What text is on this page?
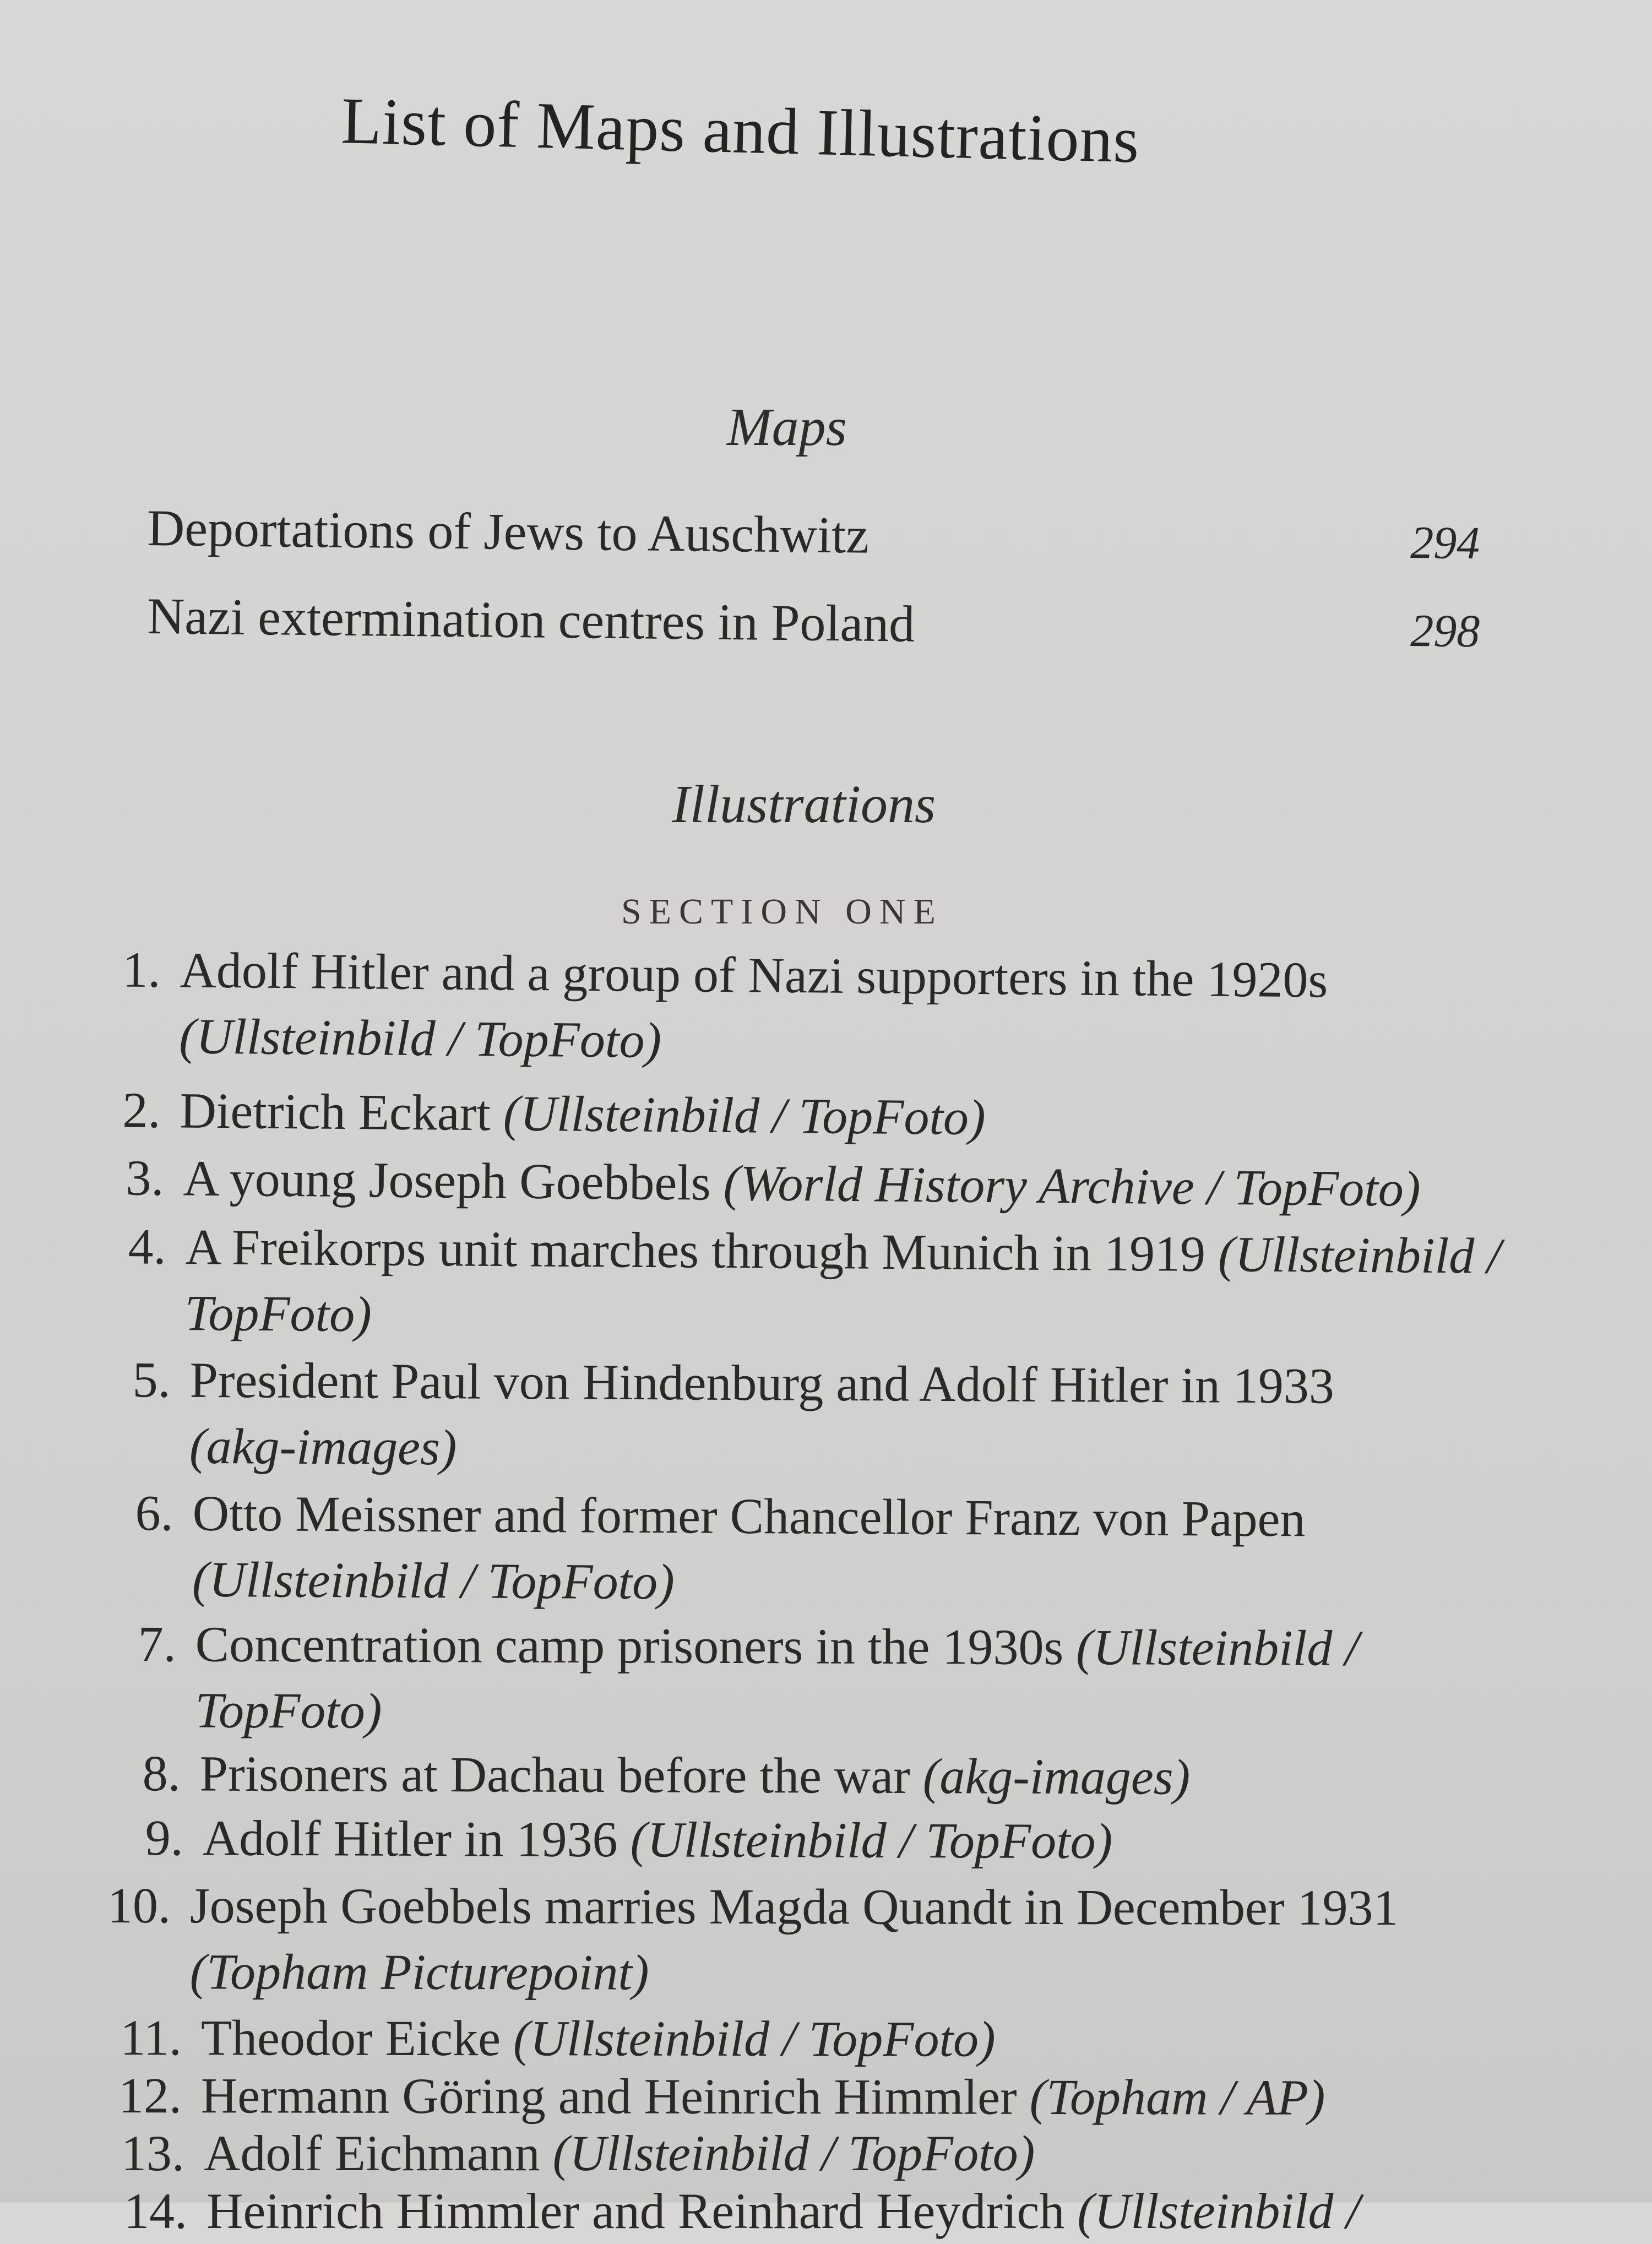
List of Maps and Illustrations
Maps
Deportations of Jews to Auschwitz	294
Nazi extermination centres in Poland	298
Illustrations
SECTION ONE
1. Adolf Hitler and a group of Nazi supporters in the 1920s
(Ullsteinbild / TopFoto)
2. Dietrich Eckart (Ullsteinbild / TopFoto)
3. A young Joseph Goebbels (World History Archive / TopFoto)
4. A Freikorps unit marches through Munich in 1919 (Ullsteinbild /
TopFoto)
5. President Paul von Hindenburg and Adolf Hitler in 1933
(akg-images)
6. Otto Meissner and former Chancellor Franz von Papen
(Ullsteinbild / TopFoto)
7. Concentration camp prisoners in the 1930s (Ullsteinbild /
TopFoto)
8. Prisoners at Dachau before the war (akg-images)
9. Adolf Hitler in 1936 (Ullsteinbild / TopFoto)
10. Joseph Goebbels marries Magda Quandt in December 1931
(Topham Picturepoint)
11. Theodor Eicke (Ullsteinbild / TopFoto)
12. Hermann Göring and Heinrich Himmler (Topham / AP)
13. Adolf Eichmann (Ullsteinbild / TopFoto)
14. Heinrich Himmler and Reinhard Heydrich (Ullsteinbild /
